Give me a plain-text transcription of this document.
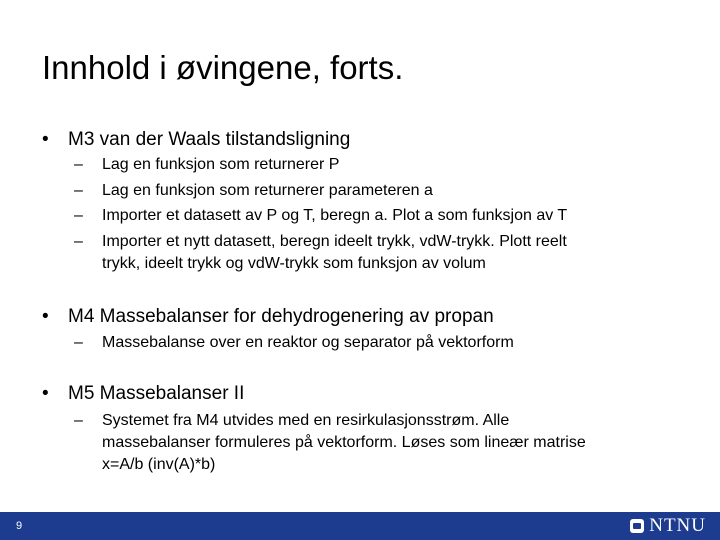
Innhold i øvingene, forts.
• M3 van der Waals tilstandsligning
– Lag en funksjon som returnerer P
– Lag en funksjon som returnerer parameteren a
– Importer et datasett av P og T, beregn a. Plot a som funksjon av T
– Importer et nytt datasett, beregn ideelt trykk, vdW-trykk. Plott reelt
trykk, ideelt trykk og vdW-trykk som funksjon av volum
• M4 Massebalanser for dehydrogenering av propan
– Massebalanse over en reaktor og separator på vektorform
• M5 Massebalanser II
– Systemet fra M4 utvides med en resirkulasjonsstrøm. Alle
massebalanser formuleres på vektorform. Løses som lineær matrise
x=A/b (inv(A)*b)
9	NTNU
